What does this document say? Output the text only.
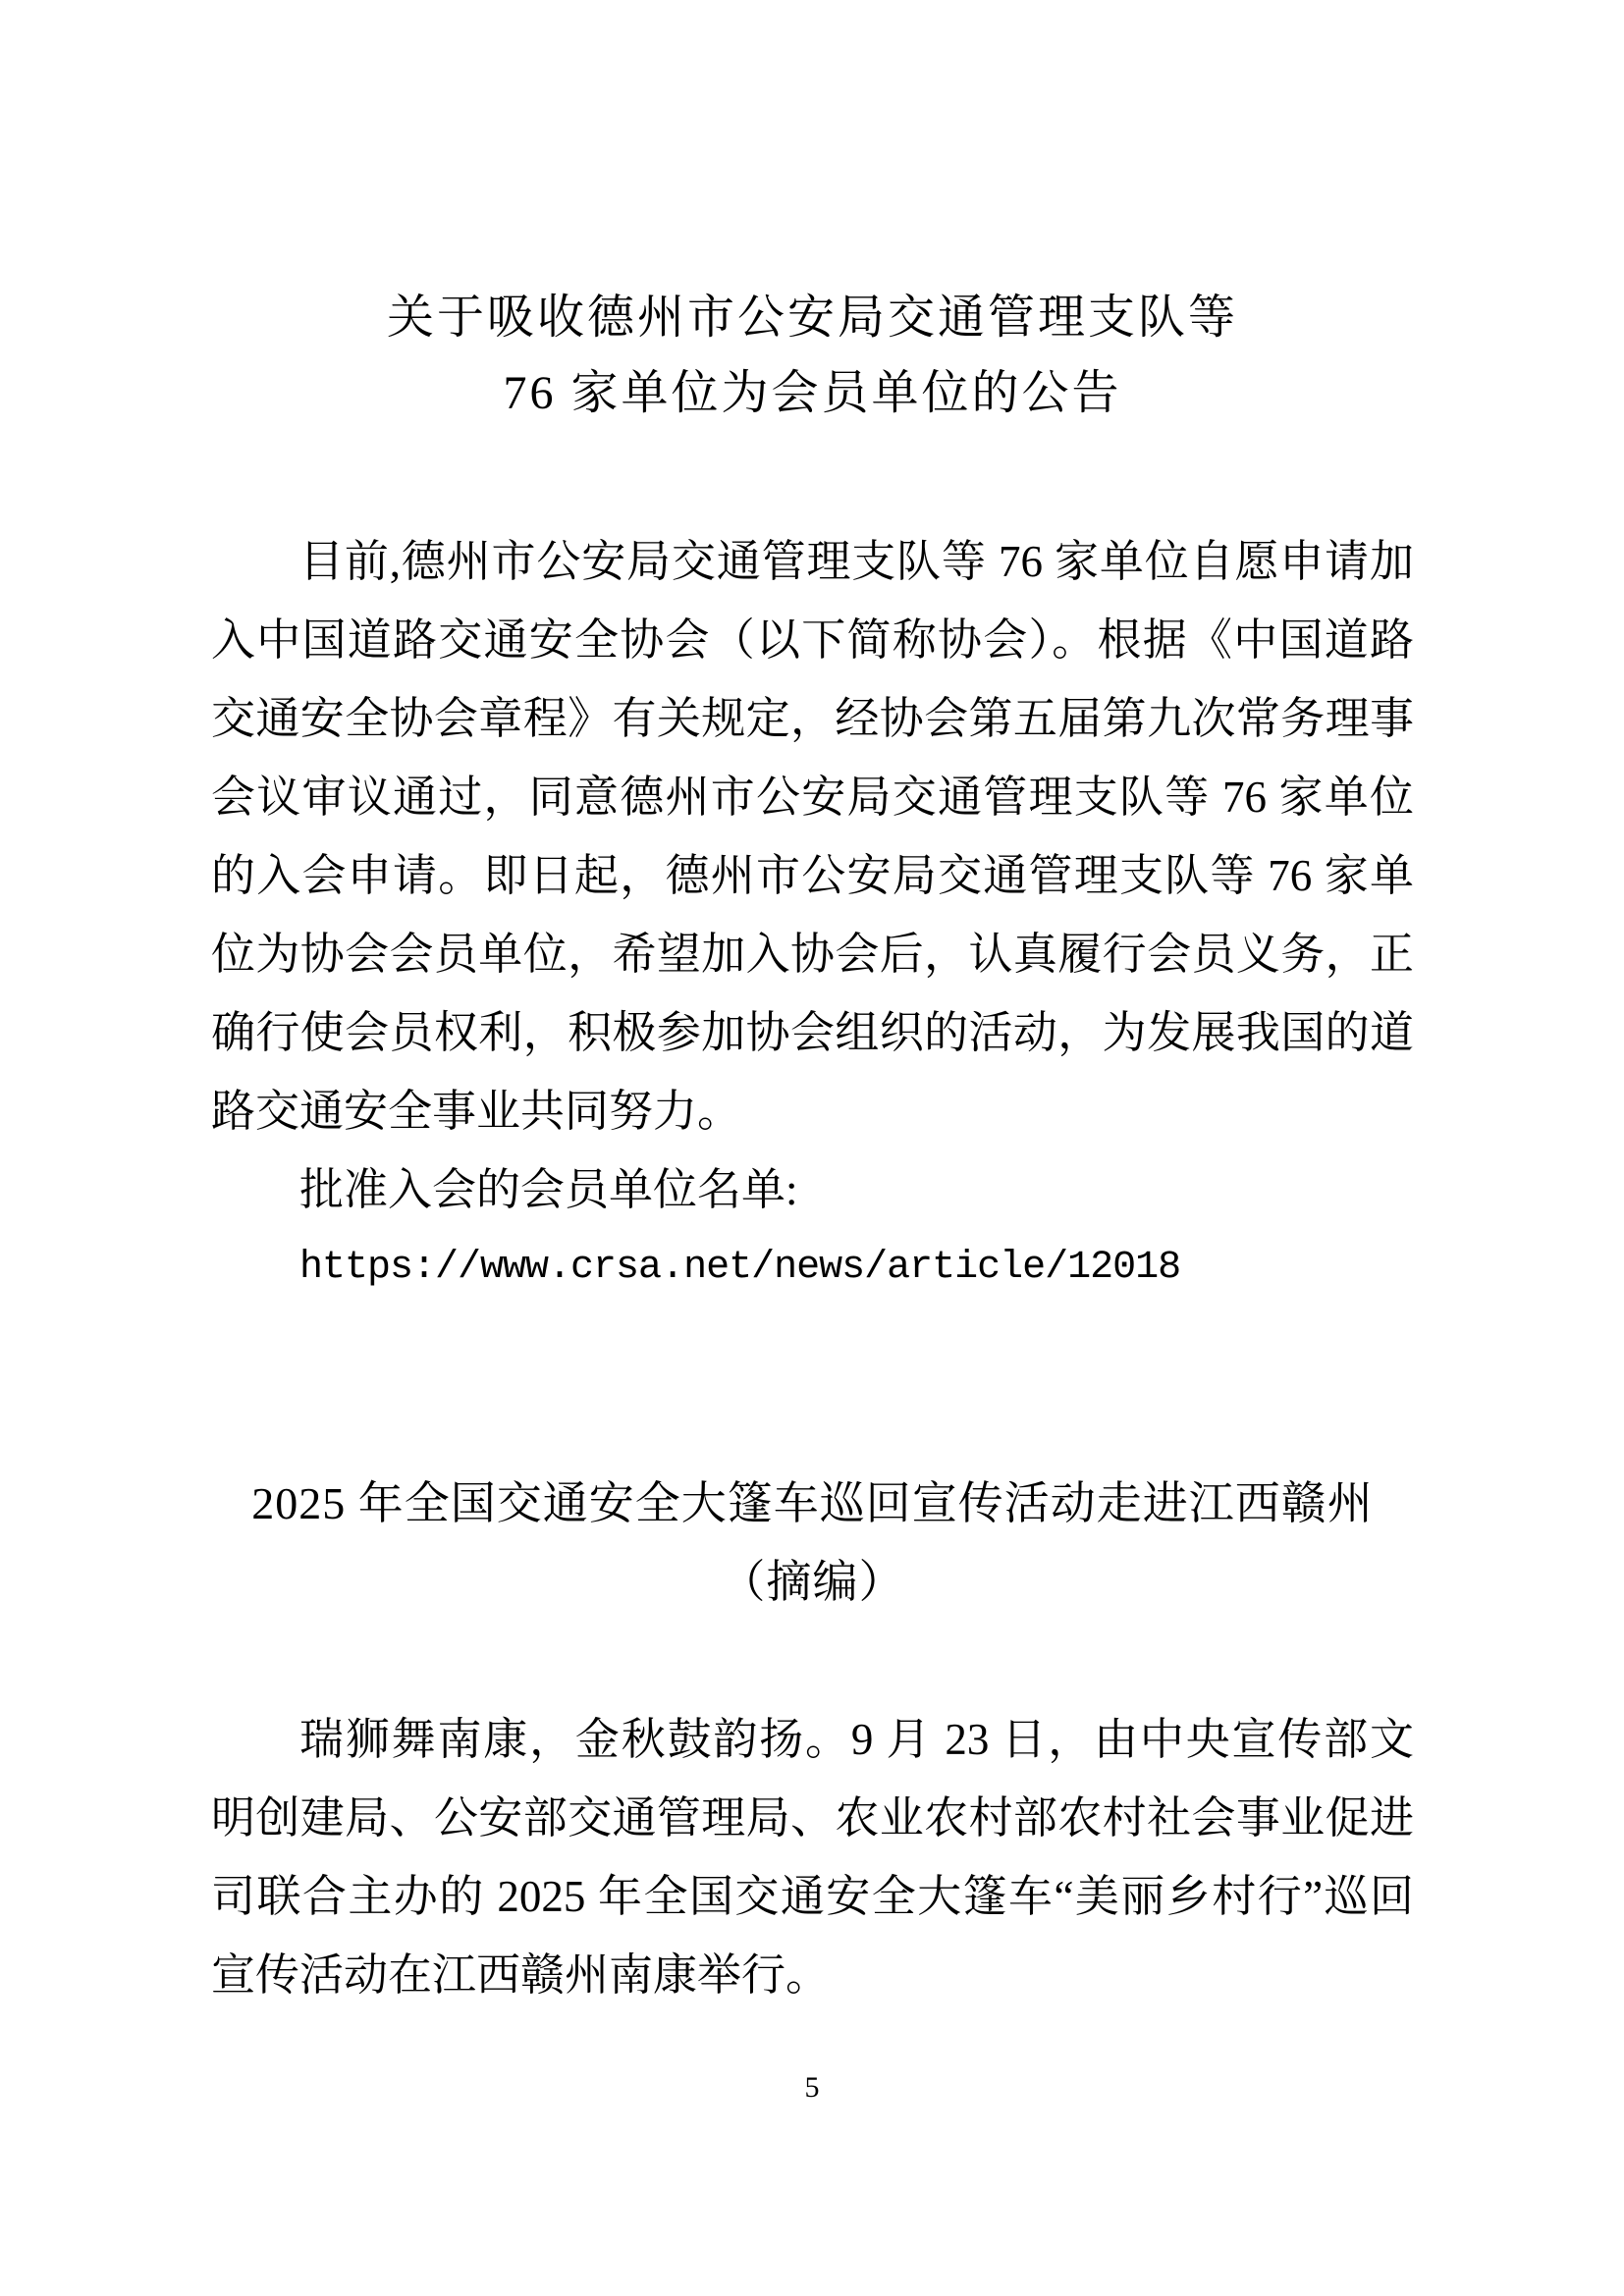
关于吸收德州市公安局交通管理支队等
76 家单位为会员单位的公告

目前,德州市公安局交通管理支队等 76 家单位自愿申请加入中国道路交通安全协会（以下简称协会）。根据《中国道路交通安全协会章程》有关规定，经协会第五届第九次常务理事会议审议通过，同意德州市公安局交通管理支队等 76 家单位的入会申请。即日起，德州市公安局交通管理支队等 76 家单位为协会会员单位，希望加入协会后，认真履行会员义务，正确行使会员权利，积极参加协会组织的活动，为发展我国的道路交通安全事业共同努力。

批准入会的会员单位名单:

https://www.crsa.net/news/article/12018

2025 年全国交通安全大篷车巡回宣传活动走进江西赣州
（摘编）

瑞狮舞南康，金秋鼓韵扬。9 月 23 日，由中央宣传部文明创建局、公安部交通管理局、农业农村部农村社会事业促进司联合主办的 2025 年全国交通安全大篷车“美丽乡村行”巡回宣传活动在江西赣州南康举行。

5
